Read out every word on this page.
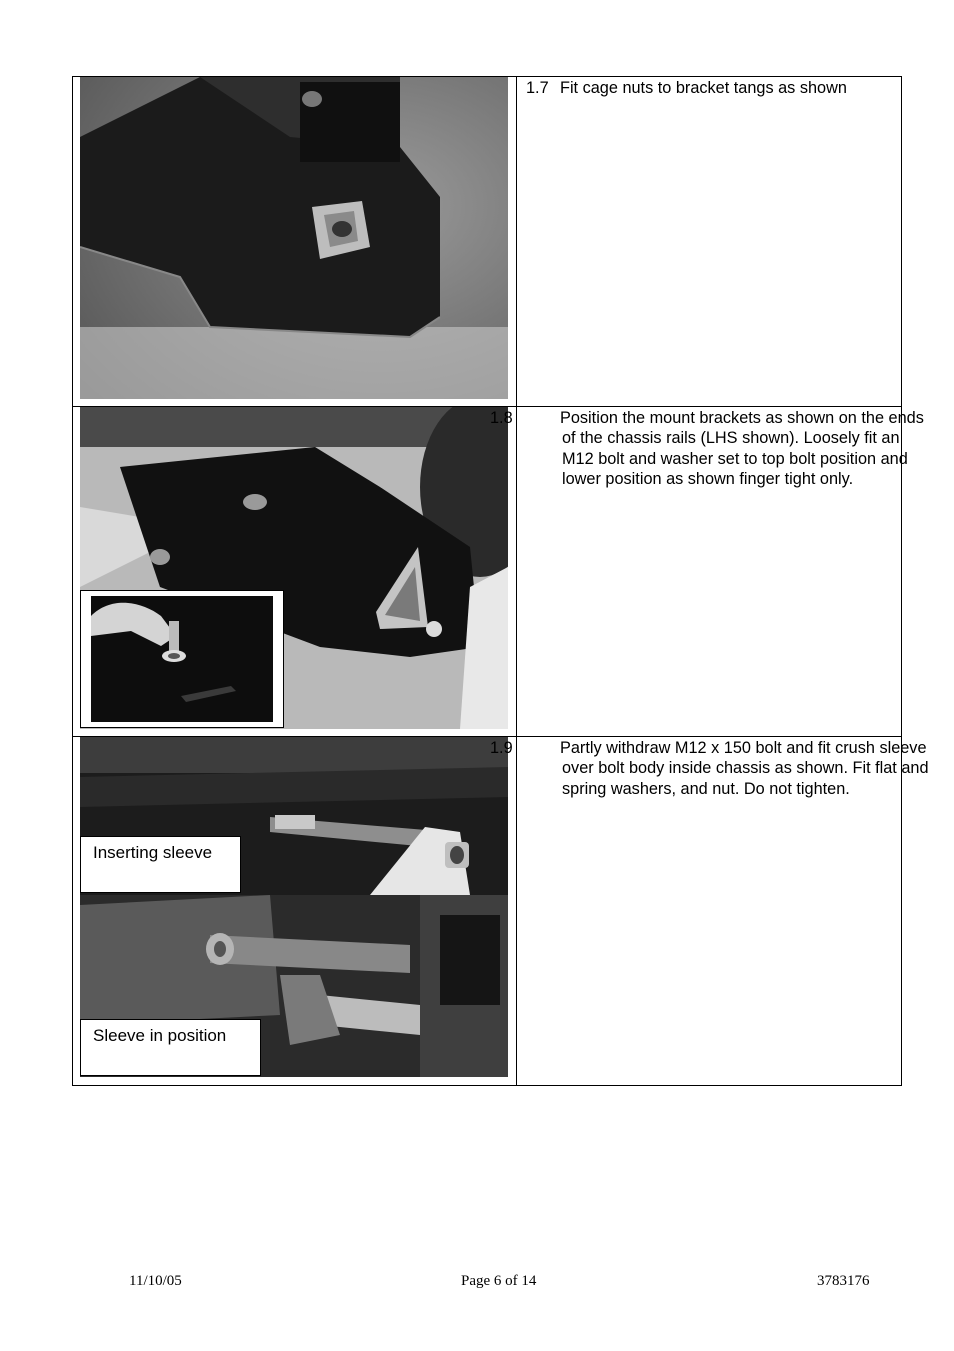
1.7 Fit cage nuts to bracket tangs as shown
1.8	Position the mount brackets as shown on the ends of the chassis rails (LHS shown). Loosely fit an M12 bolt and washer set to top bolt position and lower position as shown finger tight only.
Inserting sleeve
Sleeve in position
1.9	Partly withdraw M12 x 150 bolt and fit crush sleeve over bolt body inside chassis as shown. Fit flat and spring washers, and nut. Do not tighten.
11/10/05	Page 6 of 14	3783176
